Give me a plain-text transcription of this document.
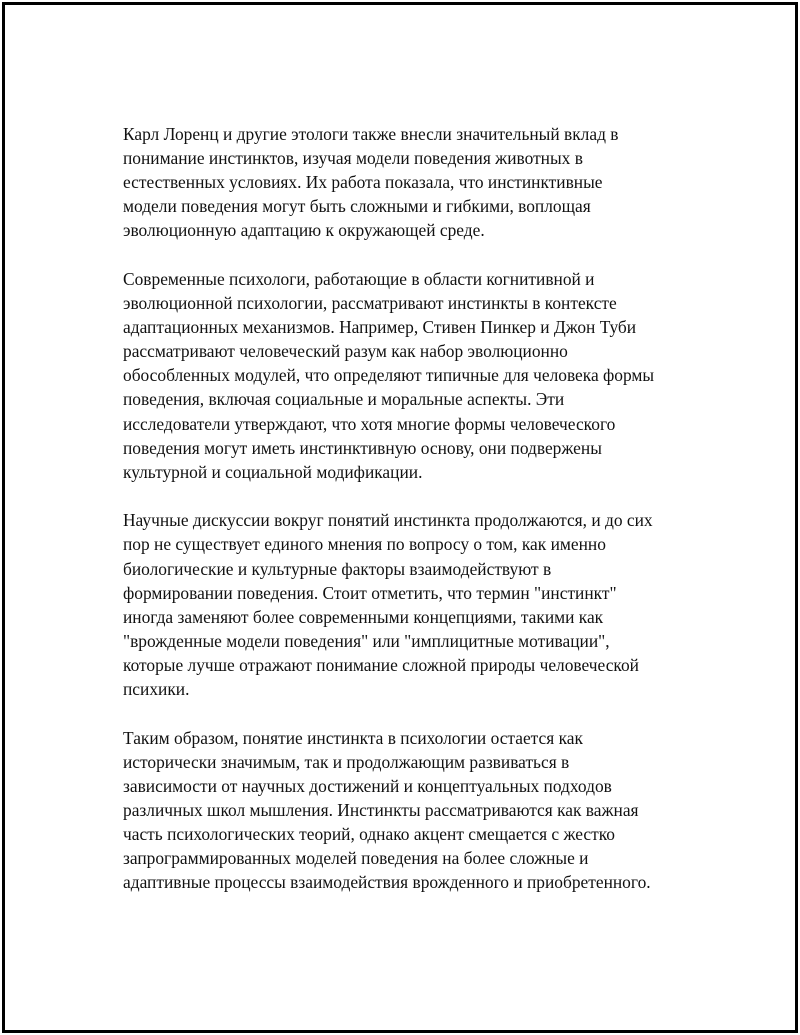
Карл Лоренц и другие этологи также внесли значительный вклад в
понимание инстинктов, изучая модели поведения животных в
естественных условиях. Их работа показала, что инстинктивные
модели поведения могут быть сложными и гибкими, воплощая
эволюционную адаптацию к окружающей среде.

Современные психологи, работающие в области когнитивной и
эволюционной психологии, рассматривают инстинкты в контексте
адаптационных механизмов. Например, Стивен Пинкер и Джон Туби
рассматривают человеческий разум как набор эволюционно
обособленных модулей, что определяют типичные для человека формы
поведения, включая социальные и моральные аспекты. Эти
исследователи утверждают, что хотя многие формы человеческого
поведения могут иметь инстинктивную основу, они подвержены
культурной и социальной модификации.

Научные дискуссии вокруг понятий инстинкта продолжаются, и до сих
пор не существует единого мнения по вопросу о том, как именно
биологические и культурные факторы взаимодействуют в
формировании поведения. Стоит отметить, что термин "инстинкт"
иногда заменяют более современными концепциями, такими как
"врожденные модели поведения" или "имплицитные мотивации",
которые лучше отражают понимание сложной природы человеческой
психики.

Таким образом, понятие инстинкта в психологии остается как
исторически значимым, так и продолжающим развиваться в
зависимости от научных достижений и концептуальных подходов
различных школ мышления. Инстинкты рассматриваются как важная
часть психологических теорий, однако акцент смещается с жестко
запрограммированных моделей поведения на более сложные и
адаптивные процессы взаимодействия врожденного и приобретенного.
